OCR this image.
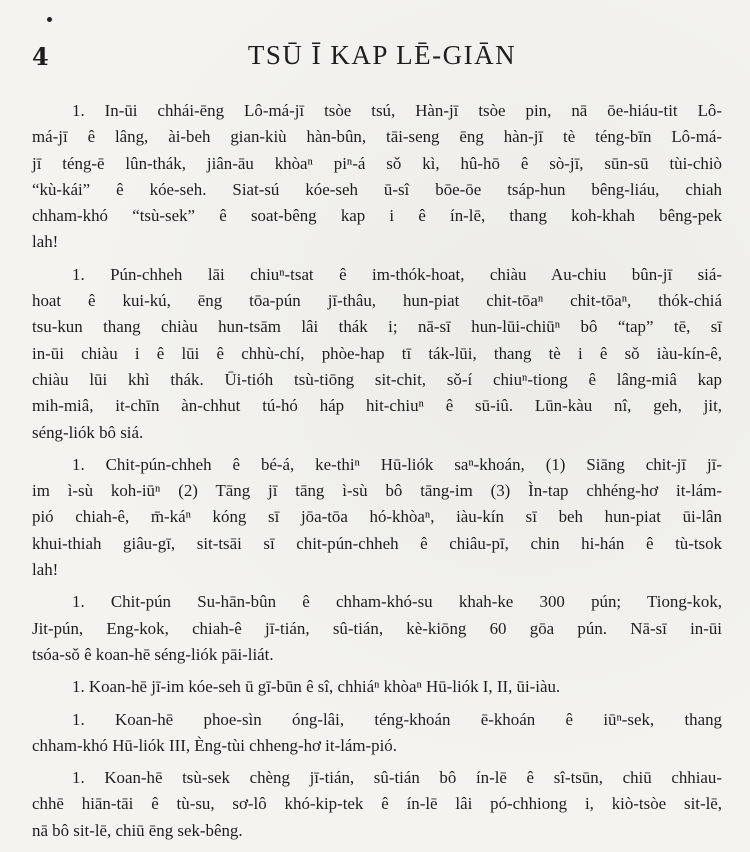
4	TSŪ Ī KAP LĒ-GIĀN

1. In-ūi chhái-ēng Lô-má-jī tsòe tsú, Hàn-jī tsòe pin, nā ōe-hiáu-tit Lô-
má-jī ê lâng, ài-beh gian-kiù hàn-bûn, tāi-seng ēng hàn-jī tè téng-bīn Lô-má-
jī téng-ē lûn-thák, jiân-āu khòaⁿ piⁿ-á sǒ kì, hû-hō ê sò-jī, sūn-sū tùi-chiò
“kù-kái” ê kóe-seh. Siat-sú kóe-seh ū-sî bōe-ōe tsáp-hun bêng-liáu, chiah
chham-khó “tsù-sek” ê soat-bêng kap i ê ín-lē, thang koh-khah bêng-pek
lah!

1. Pún-chheh lāi chiuⁿ-tsat ê im-thók-hoat, chiàu Au-chiu bûn-jī siá-
hoat ê kui-kú, ēng tōa-pún jī-thâu, hun-piat chit-tōaⁿ chit-tōaⁿ, thók-chiá
tsu-kun thang chiàu hun-tsām lâi thák i; nā-sī hun-lūi-chiūⁿ bô “tap” tē, sī
in-ūi chiàu i ê lūi ê chhù-chí, phòe-hap tī ták-lūi, thang tè i ê sǒ iàu-kín-ê,
chiàu lūi khì thák. Ūi-tióh tsù-tiōng sit-chit, sǒ-í chiuⁿ-tiong ê lâng-miâ kap
mih-miâ, it-chīn àn-chhut tú-hó háp hit-chiuⁿ ê sū-iû. Lūn-kàu nî, geh, jit,
séng-liók bô siá.

1. Chit-pún-chheh ê bé-á, ke-thiⁿ Hū-liók saⁿ-khoán, (1) Siāng chit-jī jī-
im ì-sù koh-iūⁿ (2) Tāng jī tāng ì-sù bô tāng-im (3) Ìn-tap chhéng-hơ it-lám-
pió chiah-ê, m̄-káⁿ kóng sī jōa-tōa hó-khòaⁿ, iàu-kín sī beh hun-piat ūi-lân
khui-thiah giâu-gī, sit-tsāi sī chit-pún-chheh ê chiâu-pī, chin hi-hán ê tù-tsok
lah!

1. Chit-pún Su-hān-bûn ê chham-khó-su khah-ke 300 pún; Tiong-kok,
Jit-pún, Eng-kok, chiah-ê jī-tián, sû-tián, kè-kiōng 60 gōa pún. Nā-sī in-ūi
tsóa-sǒ ê koan-hē séng-liók pāi-liát.

1. Koan-hē jī-im kóe-seh ū gī-būn ê sî, chhiáⁿ khòaⁿ Hū-liók I, II, ūi-iàu.

1. Koan-hē phoe-sìn óng-lâi, téng-khoán ē-khoán ê iūⁿ-sek, thang
chham-khó Hū-liók III, Èng-tùi chheng-hơ it-lám-pió.

1. Koan-hē tsù-sek chèng jī-tián, sû-tián bô ín-lē ê sî-tsūn, chiū chhiau-
chhē hiān-tāi ê tù-su, sơ-lô khó-kip-tek ê ín-lē lâi pó-chhiong i, kiò-tsòe sit-lē,
nā bô sit-lē, chiū ēng sek-bêng.
